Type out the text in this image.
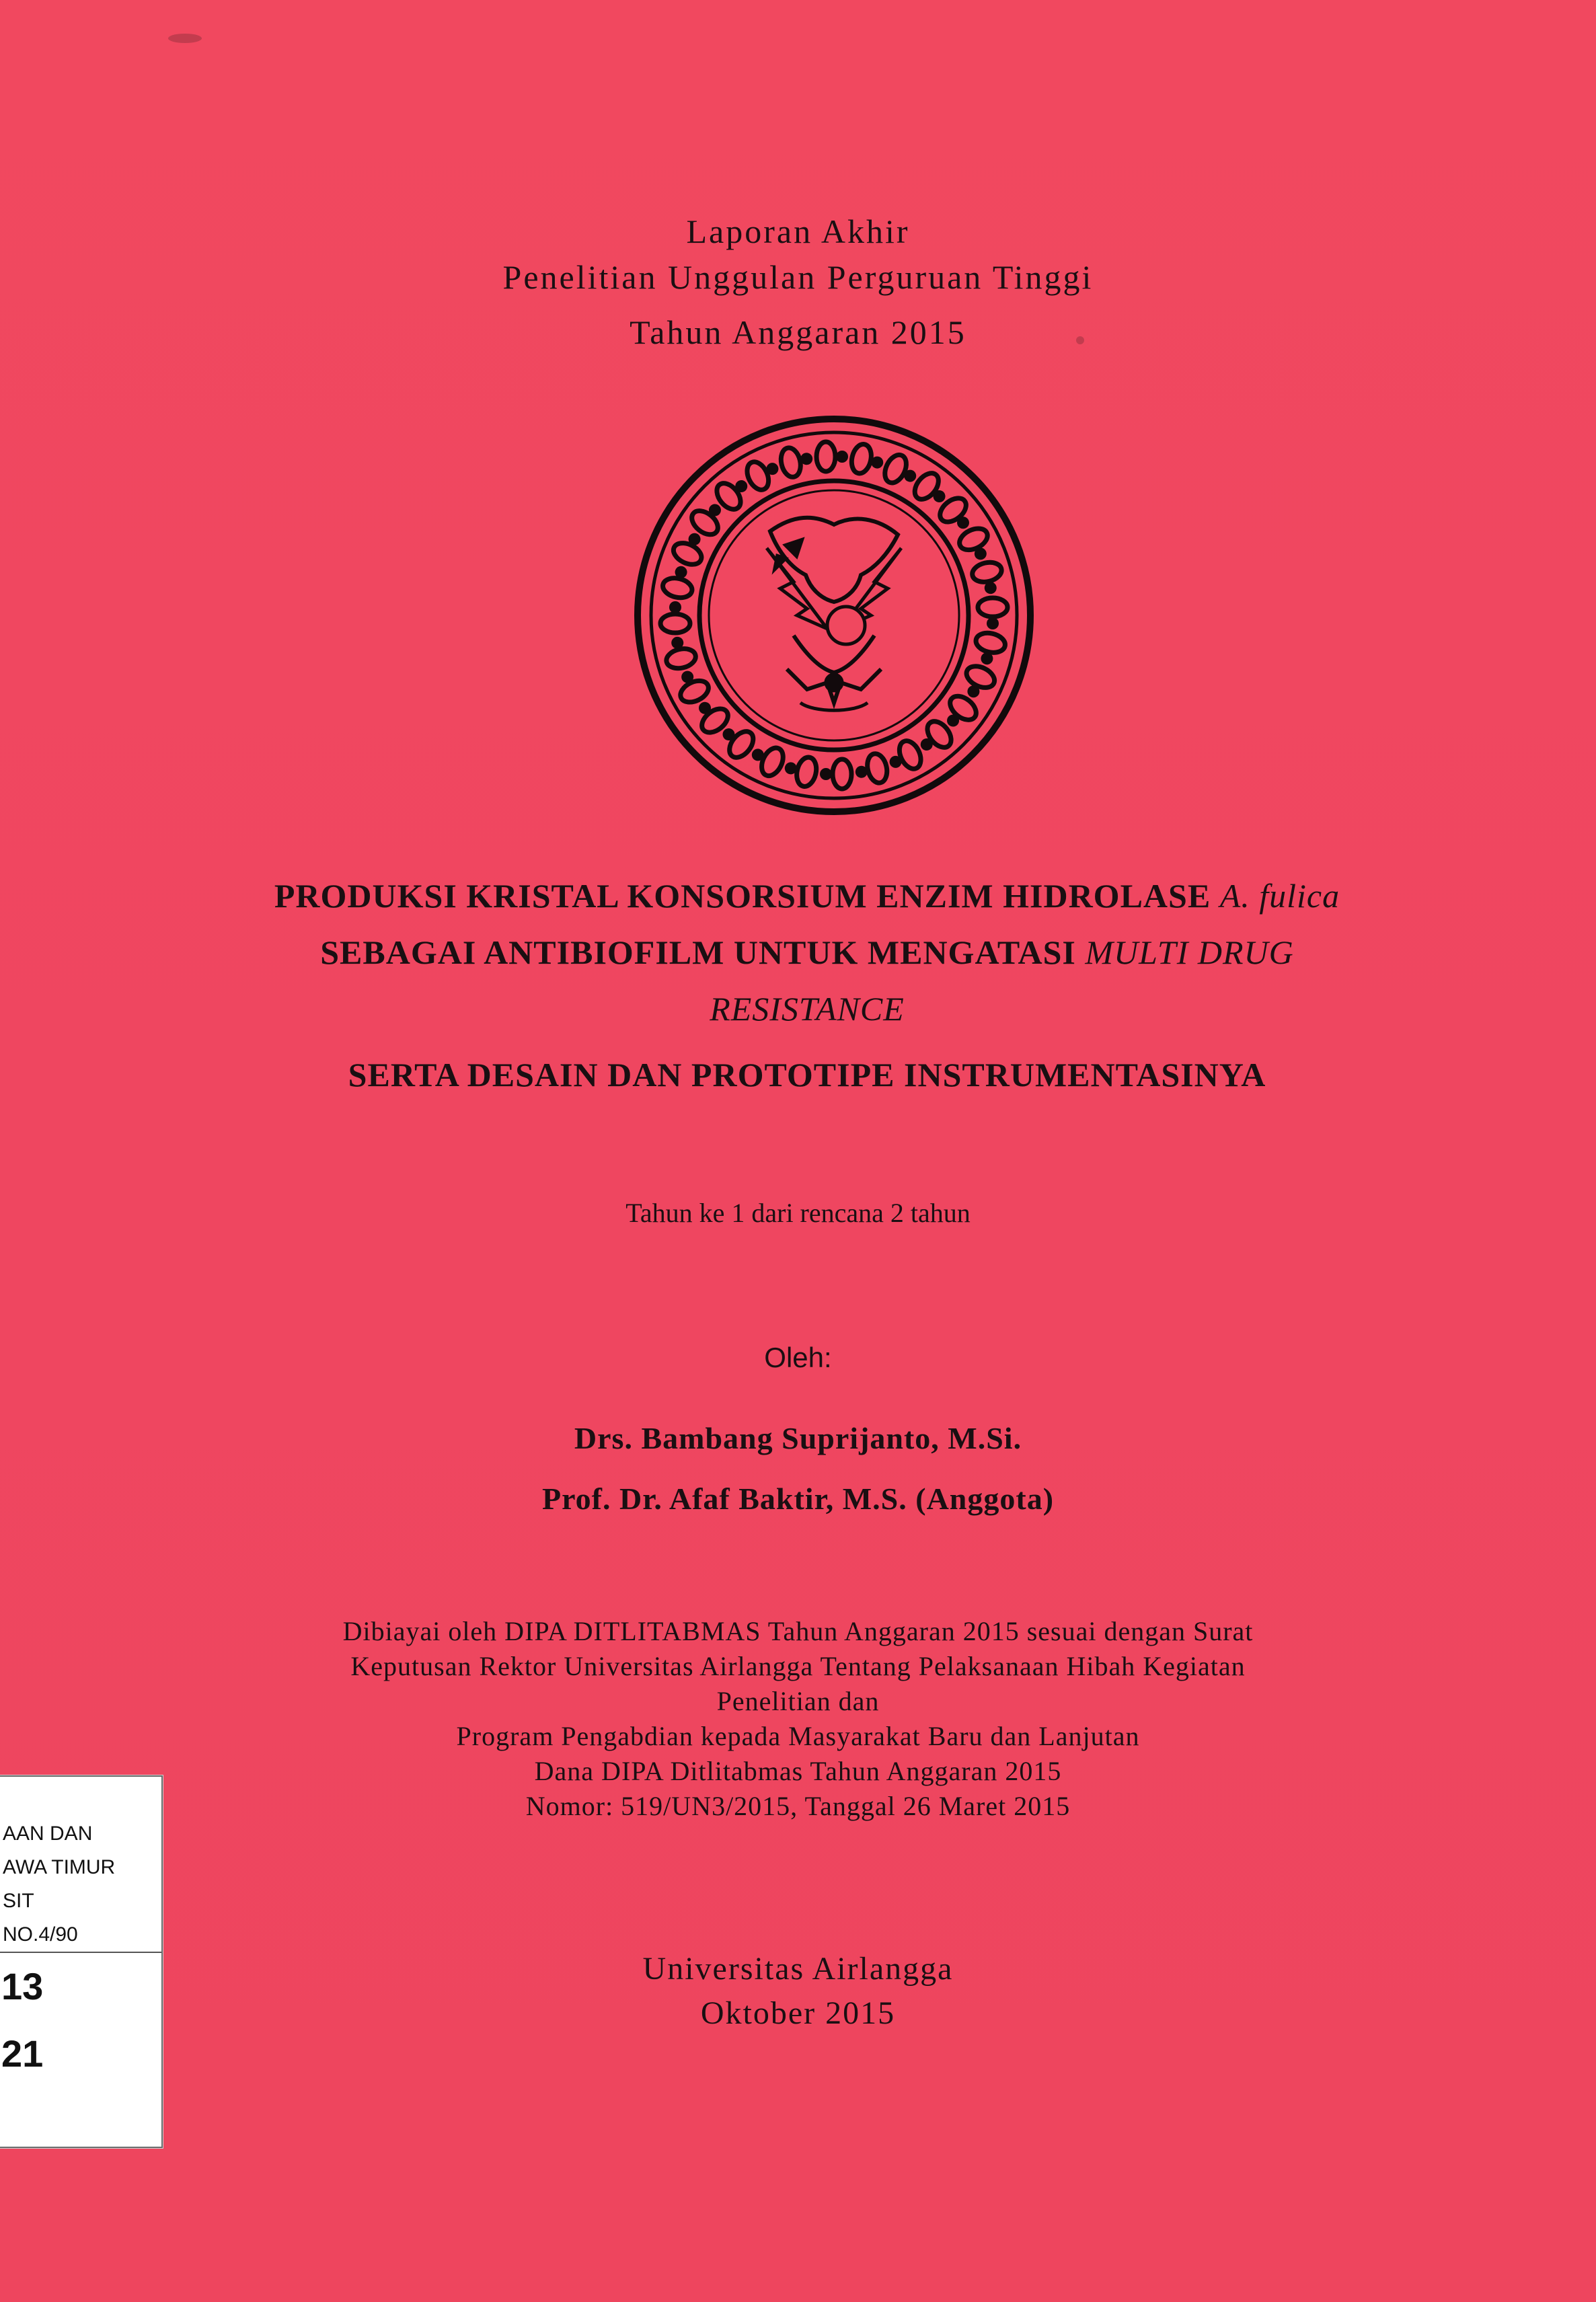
Laporan Akhir
Penelitian Unggulan Perguruan Tinggi
Tahun Anggaran 2015
PRODUKSI KRISTAL KONSORSIUM ENZIM HIDROLASE A. fulica
SEBAGAI ANTIBIOFILM UNTUK MENGATASI MULTI DRUG
RESISTANCE
SERTA DESAIN DAN PROTOTIPE INSTRUMENTASINYA
Tahun ke 1 dari rencana 2 tahun
Oleh:
Drs. Bambang Suprijanto, M.Si.
Prof. Dr. Afaf Baktir, M.S. (Anggota)
Dibiayai oleh DIPA DITLITABMAS Tahun Anggaran 2015 sesuai dengan Surat
Keputusan Rektor Universitas Airlangga Tentang Pelaksanaan Hibah Kegiatan
Penelitian dan
Program Pengabdian kepada Masyarakat Baru dan Lanjutan
Dana DIPA Ditlitabmas Tahun Anggaran 2015
Nomor: 519/UN3/2015, Tanggal 26 Maret 2015
Universitas Airlangga
Oktober 2015
AAN DAN
AWA TIMUR
SIT
NO.4/90
13
21
